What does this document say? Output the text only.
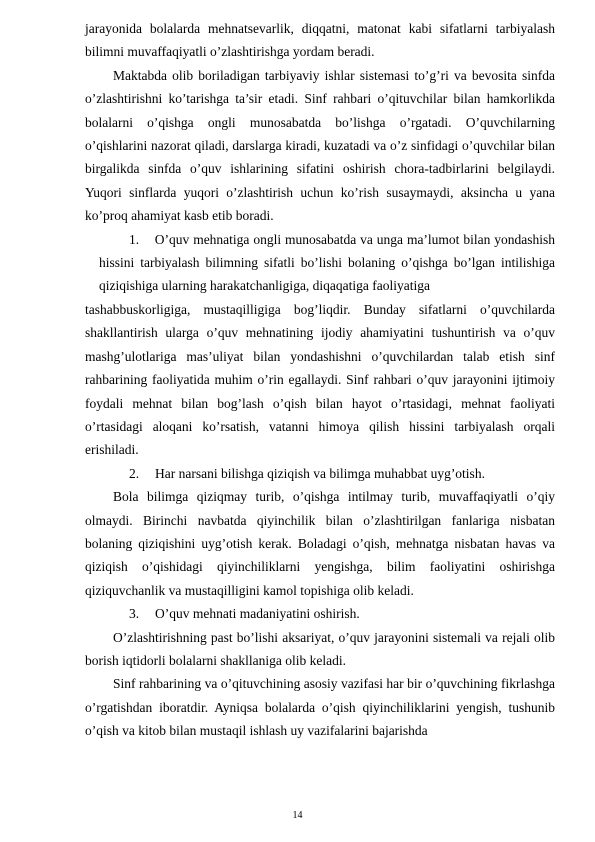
jarayonida bolalarda mehnatsevarlik, diqqatni, matonat kabi sifatlarni tarbiyalash bilimni muvaffaqiyatli o’zlashtirishga yordam beradi.

Maktabda olib boriladigan tarbiyaviy ishlar sistemasi to’g’ri va bevosita sinfda o’zlashtirishni ko’tarishga ta’sir etadi. Sinf rahbari o’qituvchilar bilan hamkorlikda bolalarni o’qishga ongli munosabatda bo’lishga o’rgatadi. O’quvchilarning o’qishlarini nazorat qiladi, darslarga kiradi, kuzatadi va o’z sinfidagi o’quvchilar bilan birgalikda sinfda o’quv ishlarining sifatini oshirish chora-tadbirlarini belgilaydi. Yuqori sinflarda yuqori o’zlashtirish uchun ko’rish susaymaydi, aksincha u yana ko’proq ahamiyat kasb etib boradi.

1. O’quv mehnatiga ongli munosabatda va unga ma’lumot bilan yondashish hissini tarbiyalash bilimning sifatli bo’lishi bolaning o’qishga bo’lgan intilishiga qiziqishiga ularning harakatchanligiga, diqaqatiga faoliyatiga

tashabbuskorligiga, mustaqilligiga bog’liqdir. Bunday sifatlarni o’quvchilarda shakllantirish ularga o’quv mehnatining ijodiy ahamiyatini tushuntirish va o’quv mashg’ulotlariga mas’uliyat bilan yondashishni o’quvchilardan talab etish sinf rahbarining faoliyatida muhim o’rin egallaydi. Sinf rahbari o’quv jarayonini ijtimoiy foydali mehnat bilan bog’lash o’qish bilan hayot o’rtasidagi, mehnat faoliyati o’rtasidagi aloqani ko’rsatish, vatanni himoya qilish hissini tarbiyalash orqali erishiladi.

2. Har narsani bilishga qiziqish va bilimga muhabbat uyg’otish.

Bola bilimga qiziqmay turib, o’qishga intilmay turib, muvaffaqiyatli o’qiy olmaydi. Birinchi navbatda qiyinchilik bilan o’zlashtirilgan fanlariga nisbatan bolaning qiziqishini uyg’otish kerak. Boladagi o’qish, mehnatga nisbatan havas va qiziqish o’qishidagi qiyinchiliklarni yengishga, bilim faoliyatini oshirishga qiziquvchanlik va mustaqilligini kamol topishiga olib keladi.

3. O’quv mehnati madaniyatini oshirish.

O’zlashtirishning past bo’lishi aksariyat, o’quv jarayonini sistemali va rejali olib borish iqtidorli bolalarni shakllaniga olib keladi.

Sinf rahbarining va o’qituvchining asosiy vazifasi har bir o’quvchining fikrlashga o’rgatishdan iboratdir. Ayniqsa bolalarda o’qish qiyinchiliklarini yengish, tushunib o’qish va kitob bilan mustaqil ishlash uy vazifalarini bajarishda

14
